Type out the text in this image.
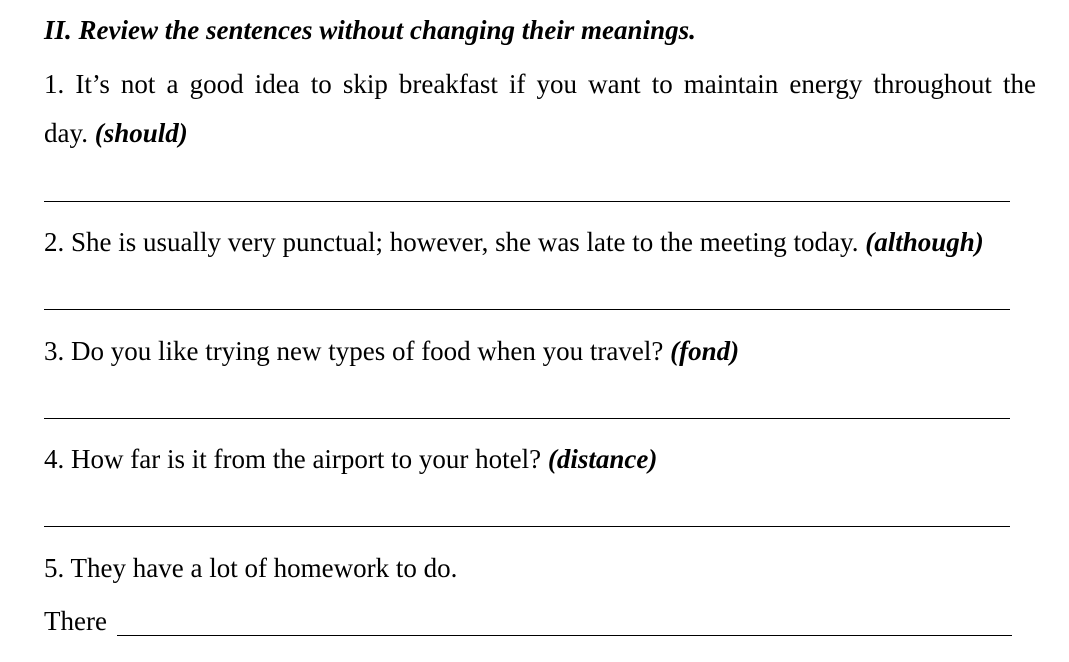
II. Review the sentences without changing their meanings.
1. It’s not a good idea to skip breakfast if you want to maintain energy throughout the
day. (should)
2. She is usually very punctual; however, she was late to the meeting today. (although)
3. Do you like trying new types of food when you travel? (fond)
4. How far is it from the airport to your hotel? (distance)
5. They have a lot of homework to do.
There
